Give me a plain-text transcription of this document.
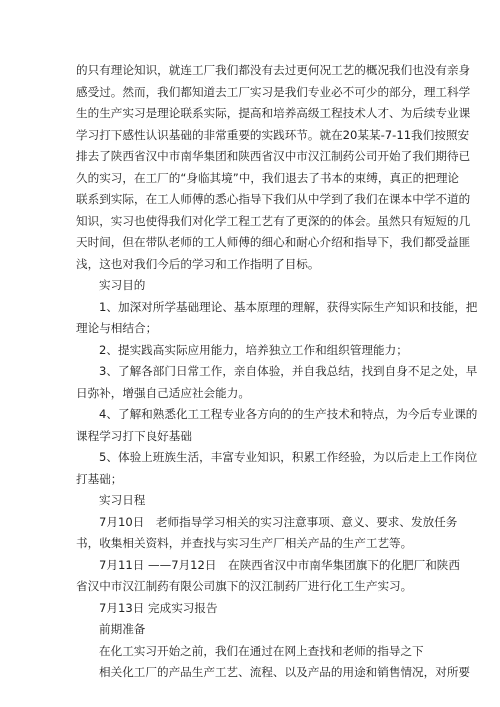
的只有理论知识，就连工厂我们都没有去过更何况工艺的概况我们也没有亲身
感受过。然而，我们都知道去工厂实习是我们专业必不可少的部分，理工科学
生的生产实习是理论联系实际，提高和培养高级工程技术人才、为后续专业课
学习打下感性认识基础的非常重要的实践环节。就在20某某-7-11我们按照安
排去了陕西省汉中市南华集团和陕西省汉中市汉江制药公司开始了我们期待已
久的实习，在工厂的“身临其境”中，我们退去了书本的束缚，真正的把理论
联系到实际，在工人师傅的悉心指导下我们从中学到了我们在课本中学不道的
知识，实习也使得我们对化学工程工艺有了更深的的体会。虽然只有短短的几
天时间，但在带队老师的工人师傅的细心和耐心介绍和指导下，我们都受益匪
浅，这也对我们今后的学习和工作指明了目标。
实习目的
1、加深对所学基础理论、基本原理的理解，获得实际生产知识和技能，把
理论与相结合；
2、提实践高实际应用能力，培养独立工作和组织管理能力；
3、了解各部门日常工作，亲自体验，并自我总结，找到自身不足之处，早
日弥补，增强自己适应社会能力。
4、了解和熟悉化工工程专业各方向的的生产技术和特点，为今后专业课的
课程学习打下良好基础
5、体验上班族生活，丰富专业知识，积累工作经验，为以后走上工作岗位
打基础；
实习日程
7月10日　老师指导学习相关的实习注意事项、意义、要求、发放任务
书，收集相关资料，并查找与实习生产厂相关产品的生产工艺等。
7月11日 ——7月12日　在陕西省汉中市南华集团旗下的化肥厂和陕西
省汉中市汉江制药有限公司旗下的汉江制药厂进行化工生产实习。
7月13日 完成实习报告
前期准备
在化工实习开始之前，我们在通过在网上查找和老师的指导之下
相关化工厂的产品生产工艺、流程、以及产品的用途和销售情况，对所要
